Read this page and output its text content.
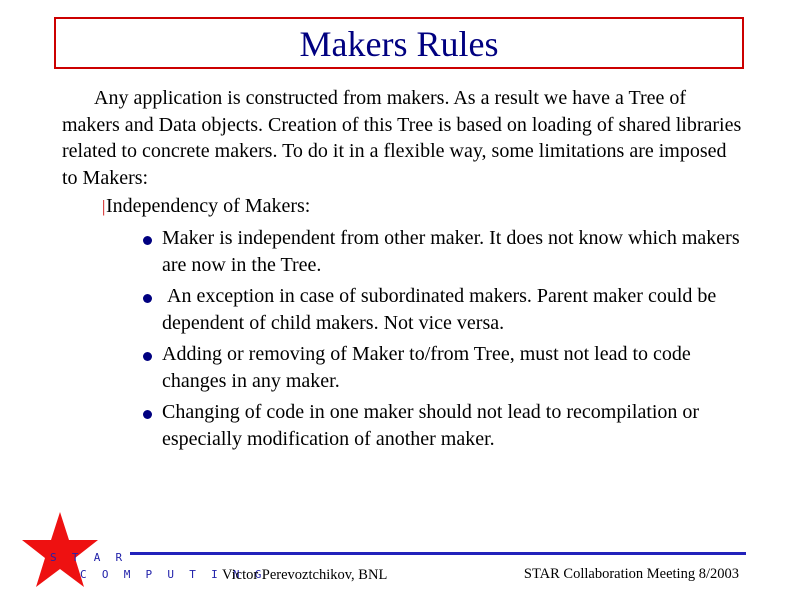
Makers Rules

Any application is constructed from makers. As a result we have a Tree of makers and Data objects. Creation of this Tree is based on loading of shared libraries related to concrete makers. To do it in a flexible way, some limitations are imposed to Makers:

|Independency of Makers:
Maker is independent from other maker. It does not know which makers are now in the Tree.
An exception in case of subordinated makers. Parent maker could be dependent of child makers. Not vice versa.
Adding or removing of Maker to/from Tree, must not lead to code changes in any maker.
Changing of code in one maker should not lead to recompilation or especially modification of another maker.
S T A R
C O M P U T I N G
Victor Perevoztchikov, BNL	STAR Collaboration Meeting 8/2003
